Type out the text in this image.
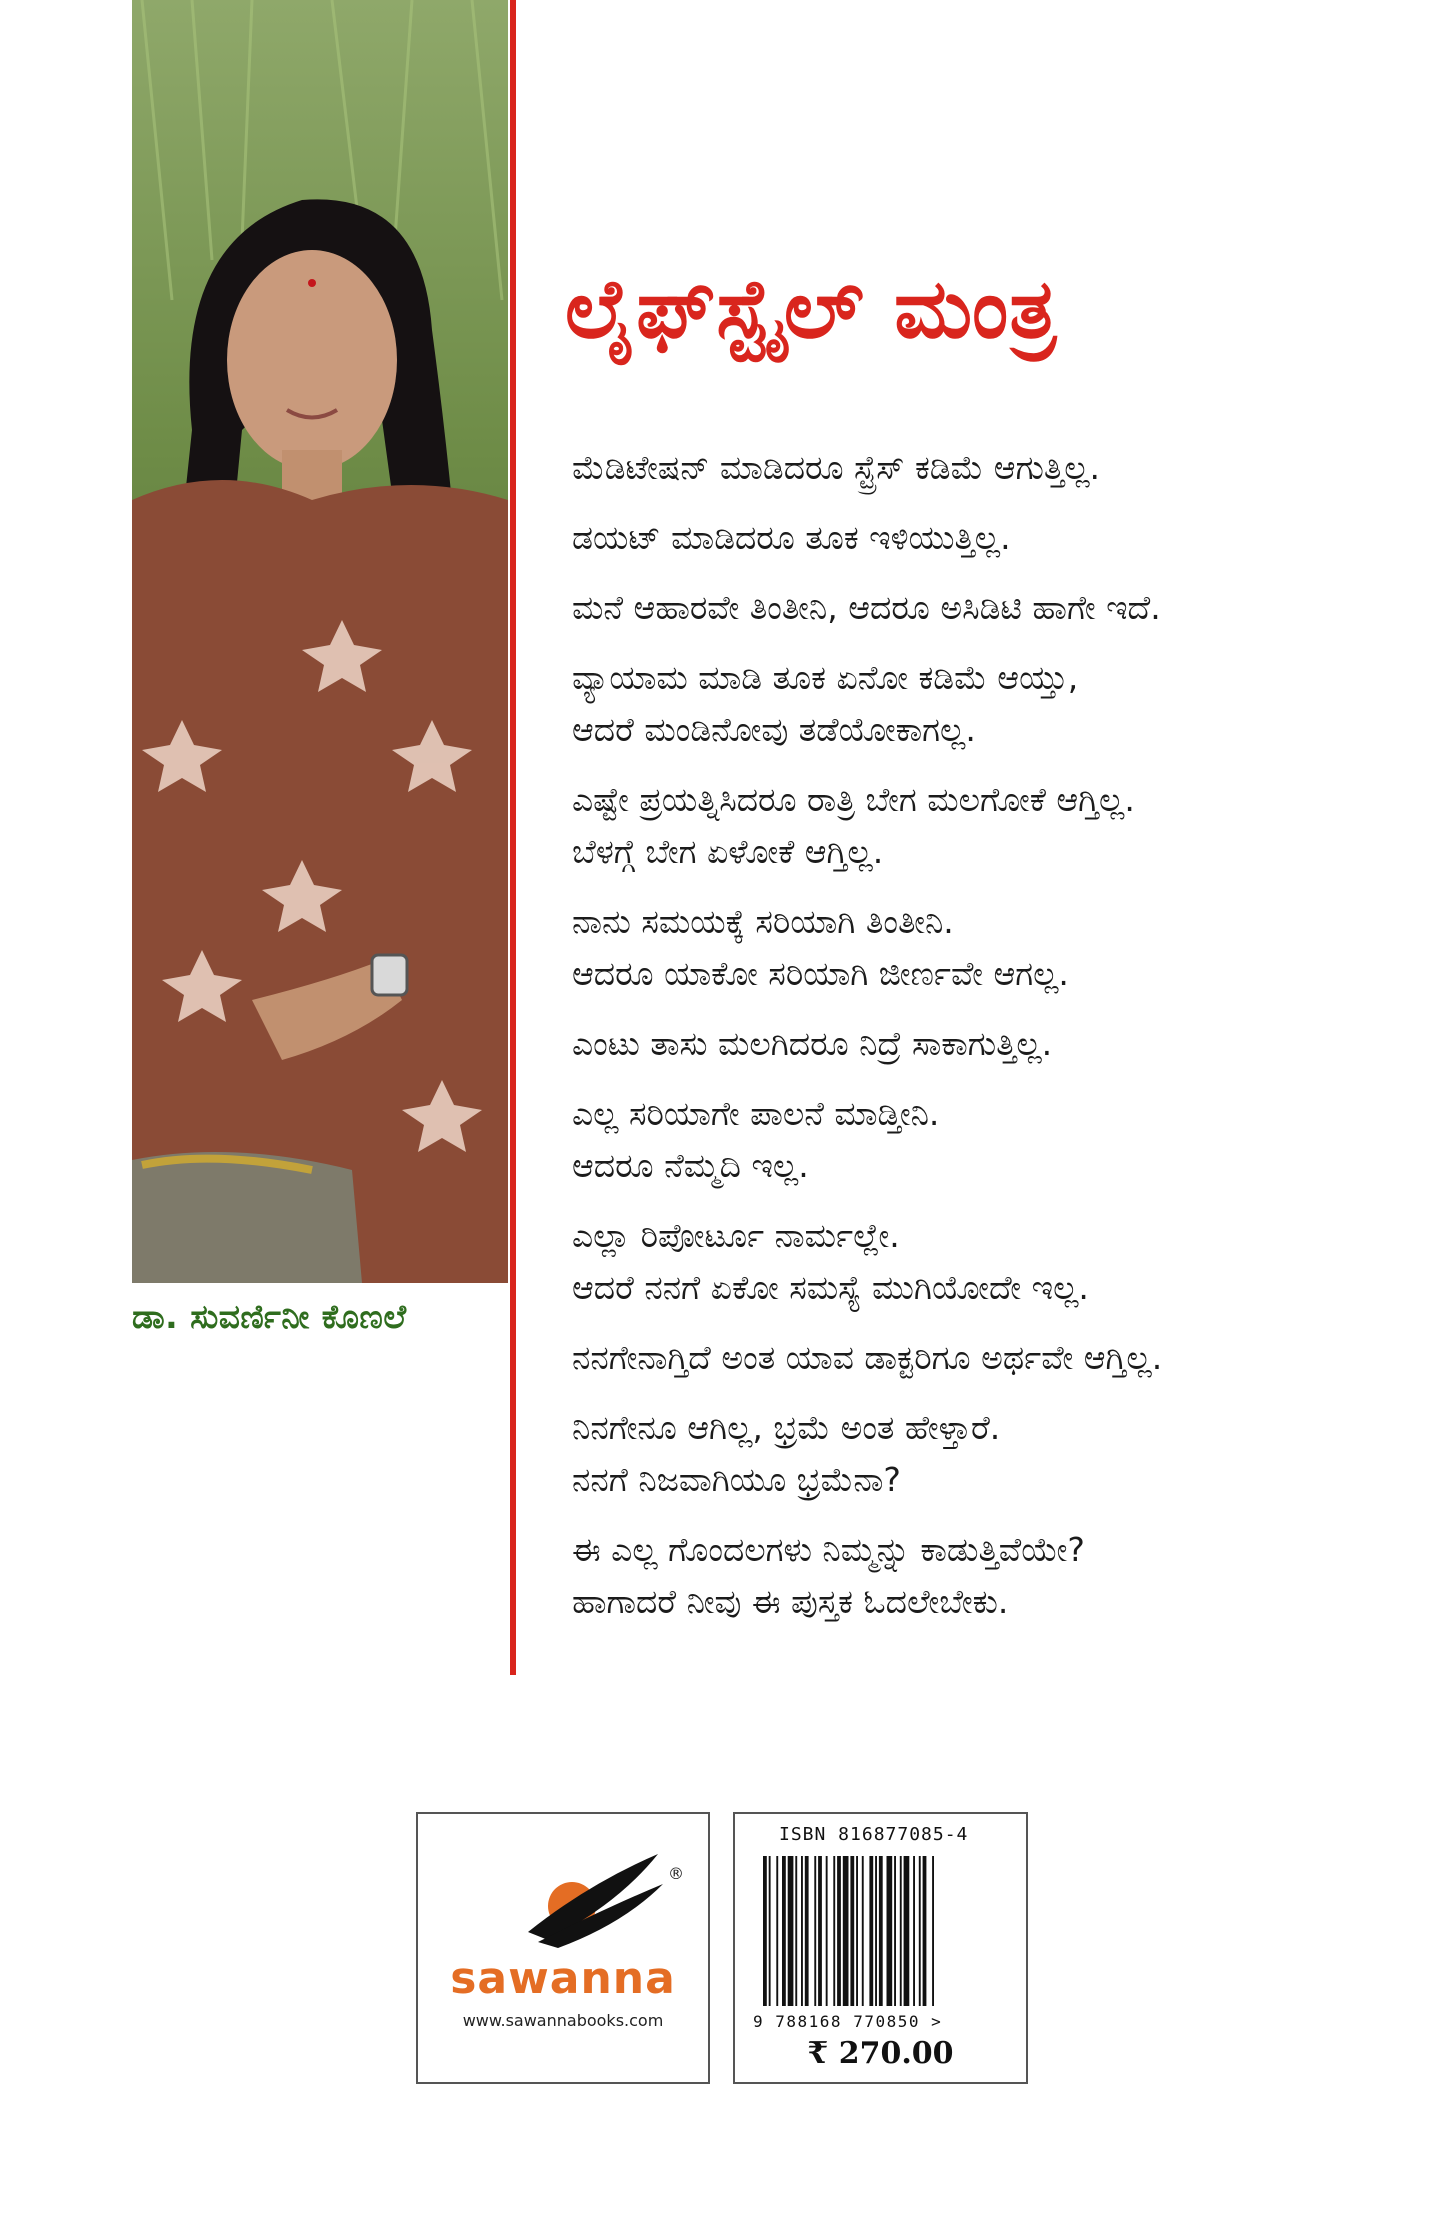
ಡಾ. ಸುವರ್ಣಿನೀ ಕೊಣಲೆ
ಲೈಫ್‌ಸ್ಟೈಲ್ ಮಂತ್ರ
ಮೆಡಿಟೇಷನ್ ಮಾಡಿದರೂ ಸ್ಟ್ರೆಸ್ ಕಡಿಮೆ ಆಗುತ್ತಿಲ್ಲ.
ಡಯಟ್ ಮಾಡಿದರೂ ತೂಕ ಇಳಿಯುತ್ತಿಲ್ಲ.
ಮನೆ ಆಹಾರವೇ ತಿಂತೀನಿ, ಆದರೂ ಅಸಿಡಿಟಿ ಹಾಗೇ ಇದೆ.
ವ್ಯಾಯಾಮ ಮಾಡಿ ತೂಕ ಏನೋ ಕಡಿಮೆ ಆಯ್ತು,
ಆದರೆ ಮಂಡಿನೋವು ತಡೆಯೋಕಾಗಲ್ಲ.
ಎಷ್ಟೇ ಪ್ರಯತ್ನಿಸಿದರೂ ರಾತ್ರಿ ಬೇಗ ಮಲಗೋಕೆ ಆಗ್ತಿಲ್ಲ.
ಬೆಳಗ್ಗೆ ಬೇಗ ಏಳೋಕೆ ಆಗ್ತಿಲ್ಲ.
ನಾನು ಸಮಯಕ್ಕೆ ಸರಿಯಾಗಿ ತಿಂತೀನಿ.
ಆದರೂ ಯಾಕೋ ಸರಿಯಾಗಿ ಜೀರ್ಣವೇ ಆಗಲ್ಲ.
ಎಂಟು ತಾಸು ಮಲಗಿದರೂ ನಿದ್ರೆ ಸಾಕಾಗುತ್ತಿಲ್ಲ.
ಎಲ್ಲ ಸರಿಯಾಗೇ ಪಾಲನೆ ಮಾಡ್ತೀನಿ.
ಆದರೂ ನೆಮ್ಮದಿ ಇಲ್ಲ.
ಎಲ್ಲಾ ರಿಪೋರ್ಟೂ ನಾರ್ಮಲ್ಲೇ.
ಆದರೆ ನನಗೆ ಏಕೋ ಸಮಸ್ಯೆ ಮುಗಿಯೋದೇ ಇಲ್ಲ.
ನನಗೇನಾಗ್ತಿದೆ ಅಂತ ಯಾವ ಡಾಕ್ಟರಿಗೂ ಅರ್ಥವೇ ಆಗ್ತಿಲ್ಲ.
ನಿನಗೇನೂ ಆಗಿಲ್ಲ, ಭ್ರಮೆ ಅಂತ ಹೇಳ್ತಾರೆ.
ನನಗೆ ನಿಜವಾಗಿಯೂ ಭ್ರಮೆನಾ?
ಈ ಎಲ್ಲ ಗೊಂದಲಗಳು ನಿಮ್ಮನ್ನು ಕಾಡುತ್ತಿವೆಯೇ?
ಹಾಗಾದರೆ ನೀವು ಈ ಪುಸ್ತಕ ಓದಲೇಬೇಕು.
®
sawanna
www.sawannabooks.com
ISBN 816877085-4
9 788168 770850 >
₹ 270.00
